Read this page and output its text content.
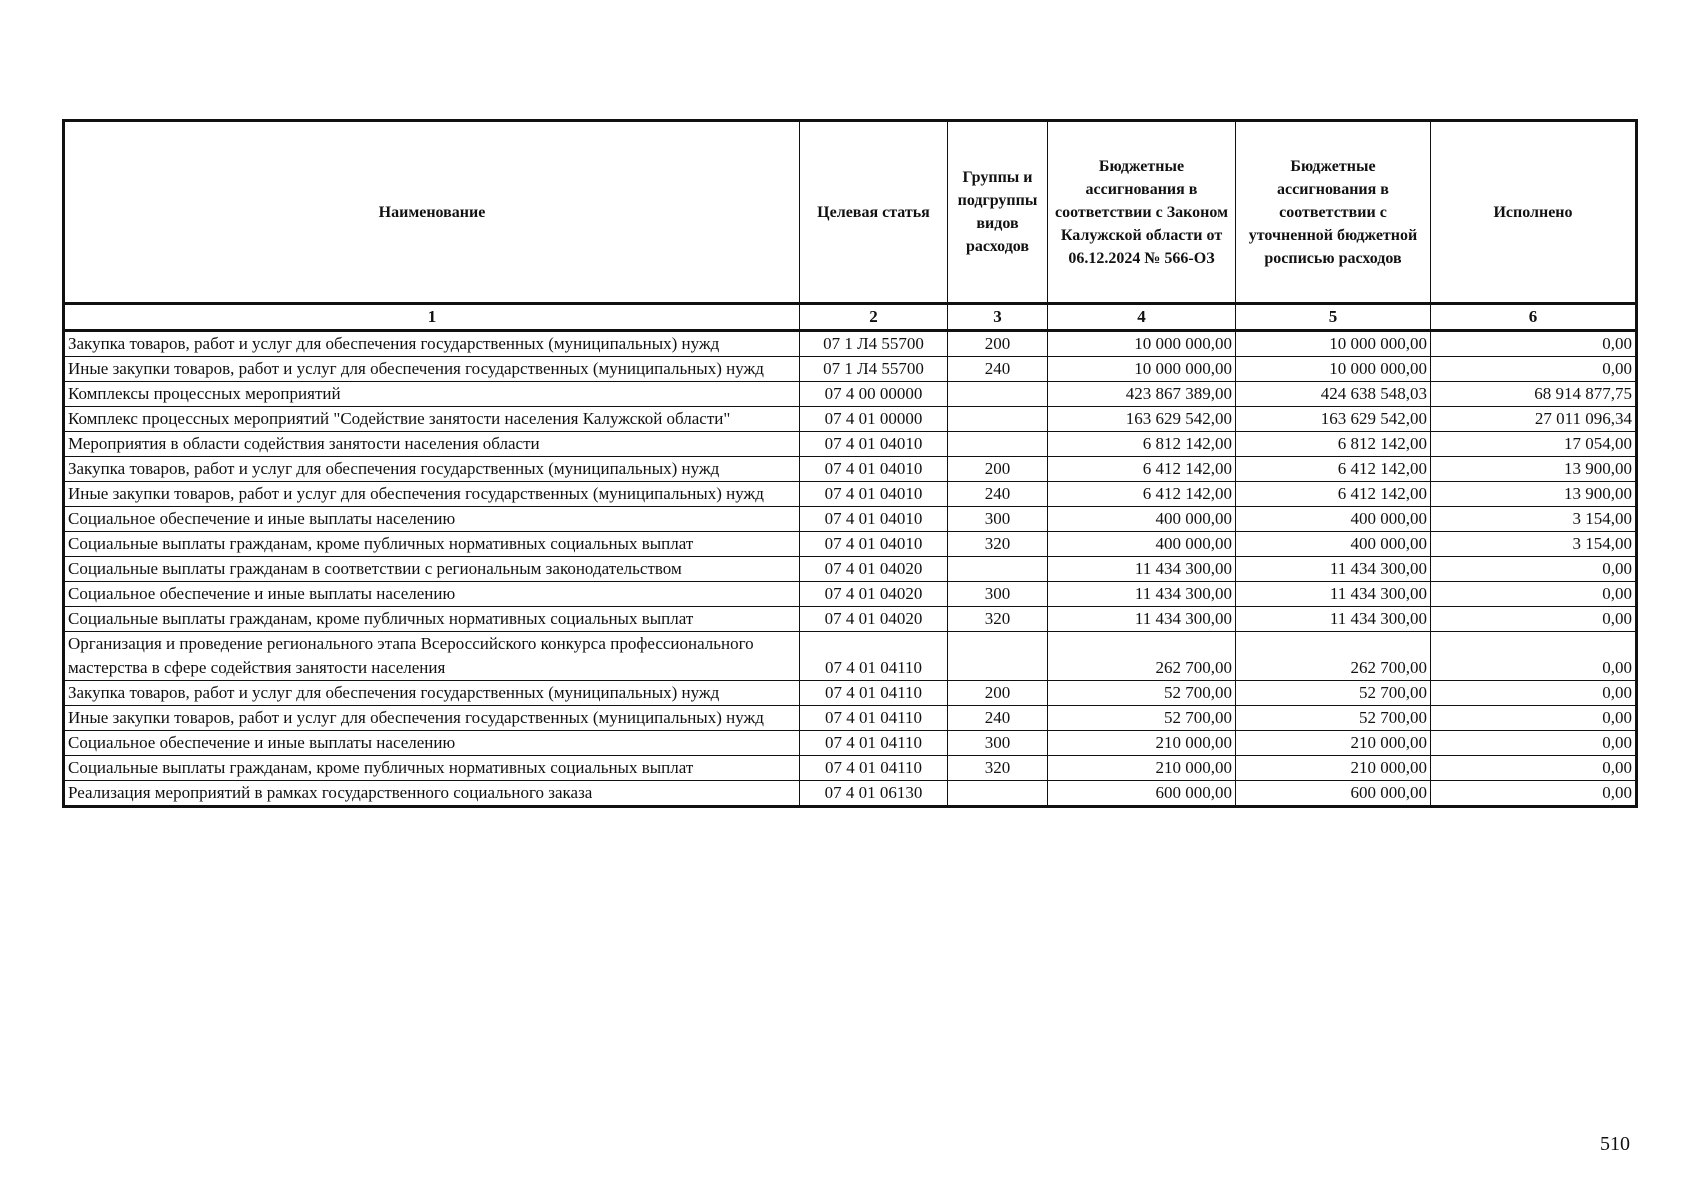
Наименование	Целевая статья	Группы и подгруппы видов расходов	Бюджетные ассигнования в соответствии с Законом Калужской области от 06.12.2024 № 566-ОЗ	Бюджетные ассигнования в соответствии с уточненной бюджетной росписью расходов	Исполнено
1	2	3	4	5	6
Закупка товаров, работ и услуг для обеспечения государственных (муниципальных) нужд	07 1 Л4 55700	200	10 000 000,00	10 000 000,00	0,00
Иные закупки товаров, работ и услуг для обеспечения государственных (муниципальных) нужд	07 1 Л4 55700	240	10 000 000,00	10 000 000,00	0,00
Комплексы процессных мероприятий	07 4 00 00000		423 867 389,00	424 638 548,03	68 914 877,75
Комплекс процессных мероприятий "Содействие занятости населения Калужской области"	07 4 01 00000		163 629 542,00	163 629 542,00	27 011 096,34
Мероприятия в области содействия занятости населения области	07 4 01 04010		6 812 142,00	6 812 142,00	17 054,00
Закупка товаров, работ и услуг для обеспечения государственных (муниципальных) нужд	07 4 01 04010	200	6 412 142,00	6 412 142,00	13 900,00
Иные закупки товаров, работ и услуг для обеспечения государственных (муниципальных) нужд	07 4 01 04010	240	6 412 142,00	6 412 142,00	13 900,00
Социальное обеспечение и иные выплаты населению	07 4 01 04010	300	400 000,00	400 000,00	3 154,00
Социальные выплаты гражданам, кроме публичных нормативных социальных выплат	07 4 01 04010	320	400 000,00	400 000,00	3 154,00
Социальные выплаты гражданам в соответствии с региональным законодательством	07 4 01 04020		11 434 300,00	11 434 300,00	0,00
Социальное обеспечение и иные выплаты населению	07 4 01 04020	300	11 434 300,00	11 434 300,00	0,00
Социальные выплаты гражданам, кроме публичных нормативных социальных выплат	07 4 01 04020	320	11 434 300,00	11 434 300,00	0,00
Организация и проведение регионального этапа Всероссийского конкурса профессионального мастерства в сфере содействия занятости населения	07 4 01 04110		262 700,00	262 700,00	0,00
Закупка товаров, работ и услуг для обеспечения государственных (муниципальных) нужд	07 4 01 04110	200	52 700,00	52 700,00	0,00
Иные закупки товаров, работ и услуг для обеспечения государственных (муниципальных) нужд	07 4 01 04110	240	52 700,00	52 700,00	0,00
Социальное обеспечение и иные выплаты населению	07 4 01 04110	300	210 000,00	210 000,00	0,00
Социальные выплаты гражданам, кроме публичных нормативных социальных выплат	07 4 01 04110	320	210 000,00	210 000,00	0,00
Реализация мероприятий в рамках государственного социального заказа	07 4 01 06130		600 000,00	600 000,00	0,00
510
